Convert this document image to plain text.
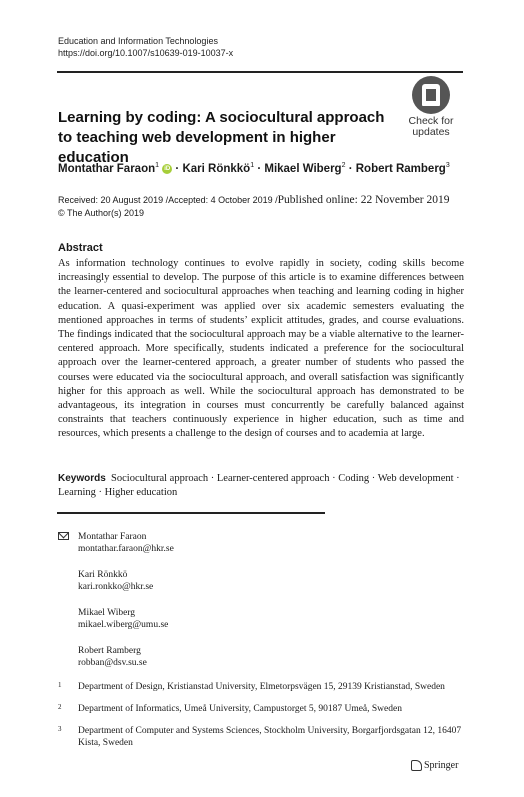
Education and Information Technologies
https://doi.org/10.1007/s10639-019-10037-x
Check for
updates
Learning by coding: A sociocultural approach
to teaching web development in higher education
Montathar Faraon$^1$ iD · Kari Rönkkö$^1$ · Mikael Wiberg$^2$ · Robert Ramberg$^3$
Received: 20 August 2019 /Accepted: 4 October 2019 /Published online: 22 November 2019
© The Author(s) 2019
Abstract
As information technology continues to evolve rapidly in society, coding skills become increasingly essential to develop. The purpose of this article is to examine differences between the learner-centered and sociocultural approaches when teaching and learning coding in higher education. A quasi-experiment was applied over six academic semesters evaluating the mentioned approaches in terms of students’ explicit attitudes, grades, and course evaluations. The findings indicated that the sociocultural approach may be a viable alternative to the learner-centered approach. More specifically, students indicated a preference for the sociocultural approach over the learner-centered approach, a greater number of students who passed the courses were educated via the sociocultural approach, and overall satisfaction was significantly higher for this approach as well. While the sociocultural approach has demonstrated to be advantageous, its integration in courses must concurrently be carefully balanced against constraints that teachers continuously experience in higher education, such as time and resources, which presents a challenge to the design of courses and to academia at large.
Keywords Sociocultural approach · Learner-centered approach · Coding · Web development · Learning · Higher education
Montathar Faraon
montathar.faraon@hkr.se
Kari Rönkkö
kari.ronkko@hkr.se
Mikael Wiberg
mikael.wiberg@umu.se
Robert Ramberg
robban@dsv.su.se
1 Department of Design, Kristianstad University, Elmetorpsvägen 15, 29139 Kristianstad, Sweden
2 Department of Informatics, Umeå University, Campustorget 5, 90187 Umeå, Sweden
3 Department of Computer and Systems Sciences, Stockholm University, Borgarfjordsgatan 12, 16407 Kista, Sweden
Springer
